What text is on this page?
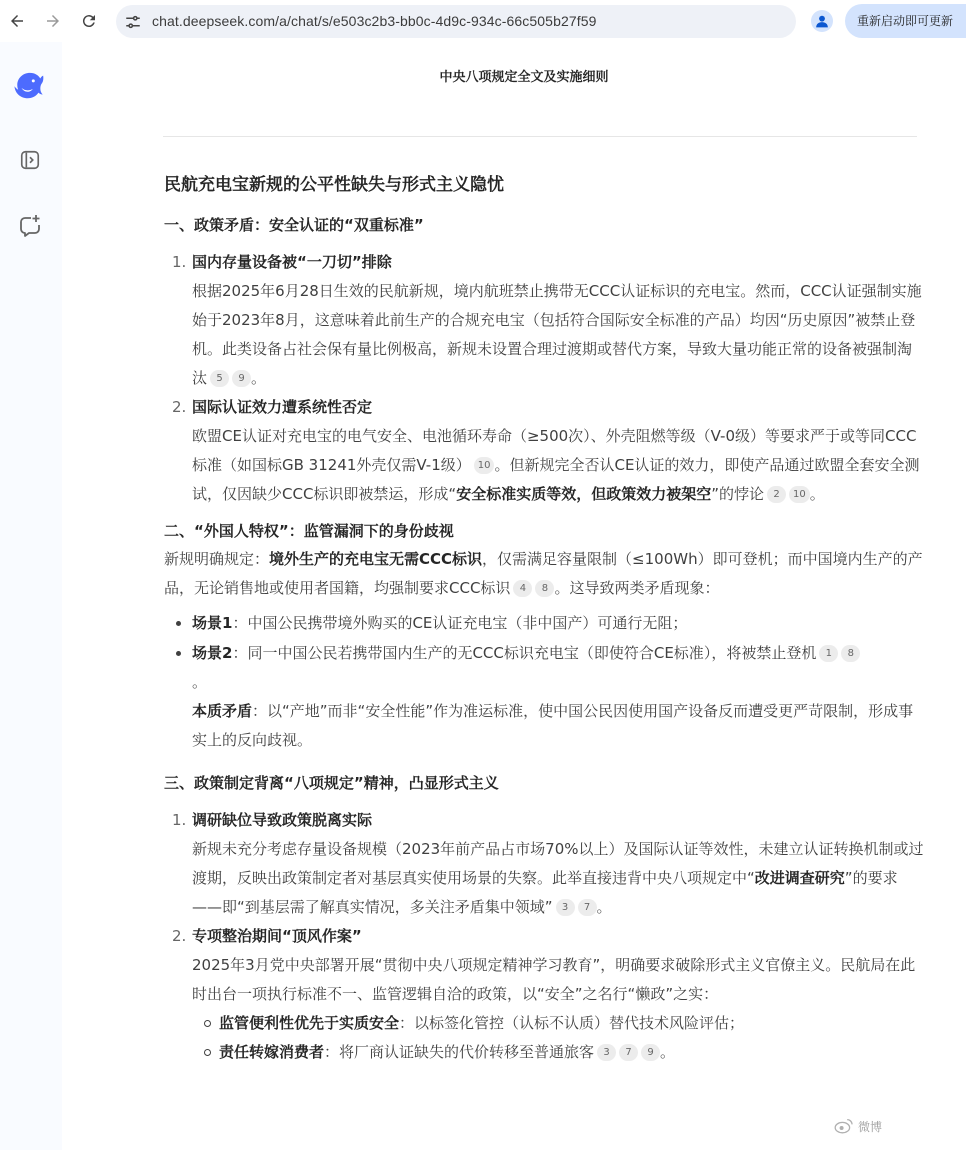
chat.deepseek.com/a/chat/s/e503c2b3-bb0c-4d9c-934c-66c505b27f59	重新启动即可更新
中央八项规定全文及实施细则
民航充电宝新规的公平性缺失与形式主义隐忧
一、政策矛盾：安全认证的“双重标准”
1. 国内存量设备被“一刀切”排除
根据2025年6月28日生效的民航新规，境内航班禁止携带无CCC认证标识的充电宝。然而，CCC认证强制实施始于2023年8月，这意味着此前生产的合规充电宝（包括符合国际安全标准的产品）均因“历史原因”被禁止登机。此类设备占社会保有量比例极高，新规未设置合理过渡期或替代方案，导致大量功能正常的设备被强制淘汰 5 9 。
2. 国际认证效力遭系统性否定
欧盟CE认证对充电宝的电气安全、电池循环寿命（≥500次）、外壳阻燃等级（V-0级）等要求严于或等同CCC标准（如国标GB 31241外壳仅需V-1级） 10 。但新规完全否认CE认证的效力，即使产品通过欧盟全套安全测试，仅因缺少CCC标识即被禁运，形成“安全标准实质等效，但政策效力被架空”的悖论 2 10 。
二、“外国人特权”：监管漏洞下的身份歧视
新规明确规定：境外生产的充电宝无需CCC标识，仅需满足容量限制（≤100Wh）即可登机；而中国境内生产的产品，无论销售地或使用者国籍，均强制要求CCC标识 4 8 。这导致两类矛盾现象：
场景1：中国公民携带境外购买的CE认证充电宝（非中国产）可通行无阻；
场景2：同一中国公民若携带国内生产的无CCC标识充电宝（即使符合CE标准），将被禁止登机 1 8
。
本质矛盾：以“产地”而非“安全性能”作为准运标准，使中国公民因使用国产设备反而遭受更严苛限制，形成事实上的反向歧视。
三、政策制定背离“八项规定”精神，凸显形式主义
1. 调研缺位导致政策脱离实际
新规未充分考虑存量设备规模（2023年前产品占市场70%以上）及国际认证等效性，未建立认证转换机制或过渡期，反映出政策制定者对基层真实使用场景的失察。此举直接违背中央八项规定中“改进调查研究”的要求——即“到基层需了解真实情况，多关注矛盾集中领域” 3 7 。
2. 专项整治期间“顶风作案”
2025年3月党中央部署开展“贯彻中央八项规定精神学习教育”，明确要求破除形式主义官僚主义。民航局在此时出台一项执行标准不一、监管逻辑自洽的政策，以“安全”之名行“懒政”之实：
监管便利性优先于实质安全：以标签化管控（认标不认质）替代技术风险评估；
责任转嫁消费者：将厂商认证缺失的代价转移至普通旅客 3 7 9 。
微博
